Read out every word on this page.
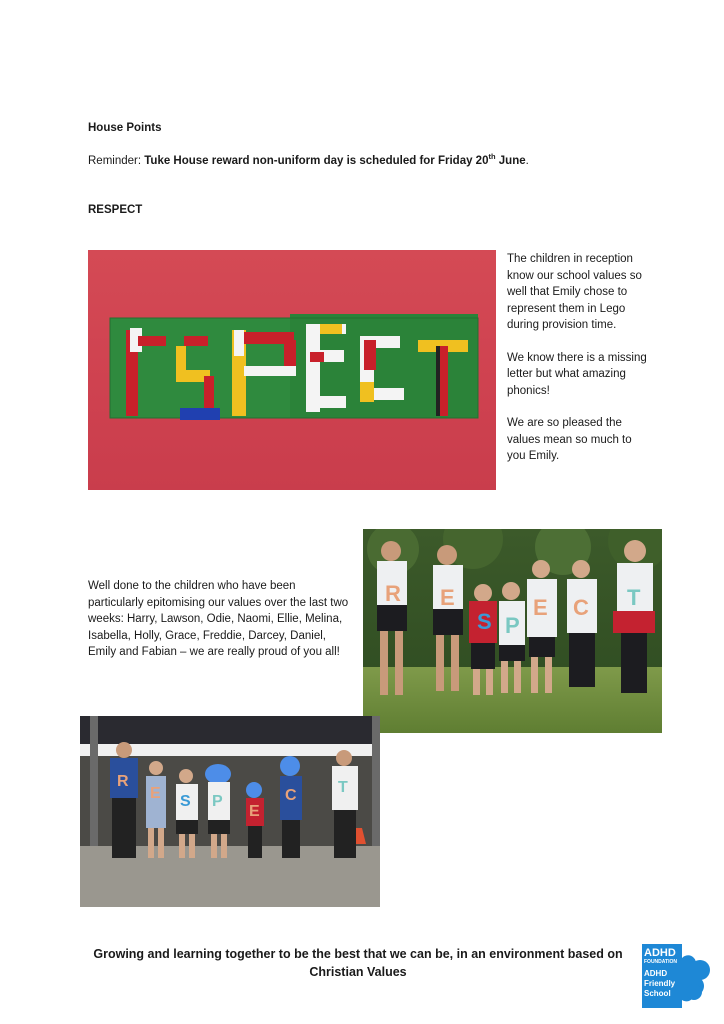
House Points
Reminder: Tuke House reward non-uniform day is scheduled for Friday 20th June.
RESPECT

The children in reception know our school values so well that Emily chose to represent them in Lego during provision time.

We know there is a missing letter but what amazing phonics!

We are so pleased the values mean so much to you Emily.

Well done to the children who have been particularly epitomising our values over the last two weeks: Harry, Lawson, Odie, Naomi, Ellie, Melina, Isabella, Holly, Grace, Freddie, Darcey, Daniel, Emily and Fabian – we are really proud of you all!
R E
S P
E C T
R
E S P
E
C	T
Growing and learning together to be the best that we can be, in an environment based on Christian Values
ADHD
FOUNDATION
ADHD
Friendly
School
